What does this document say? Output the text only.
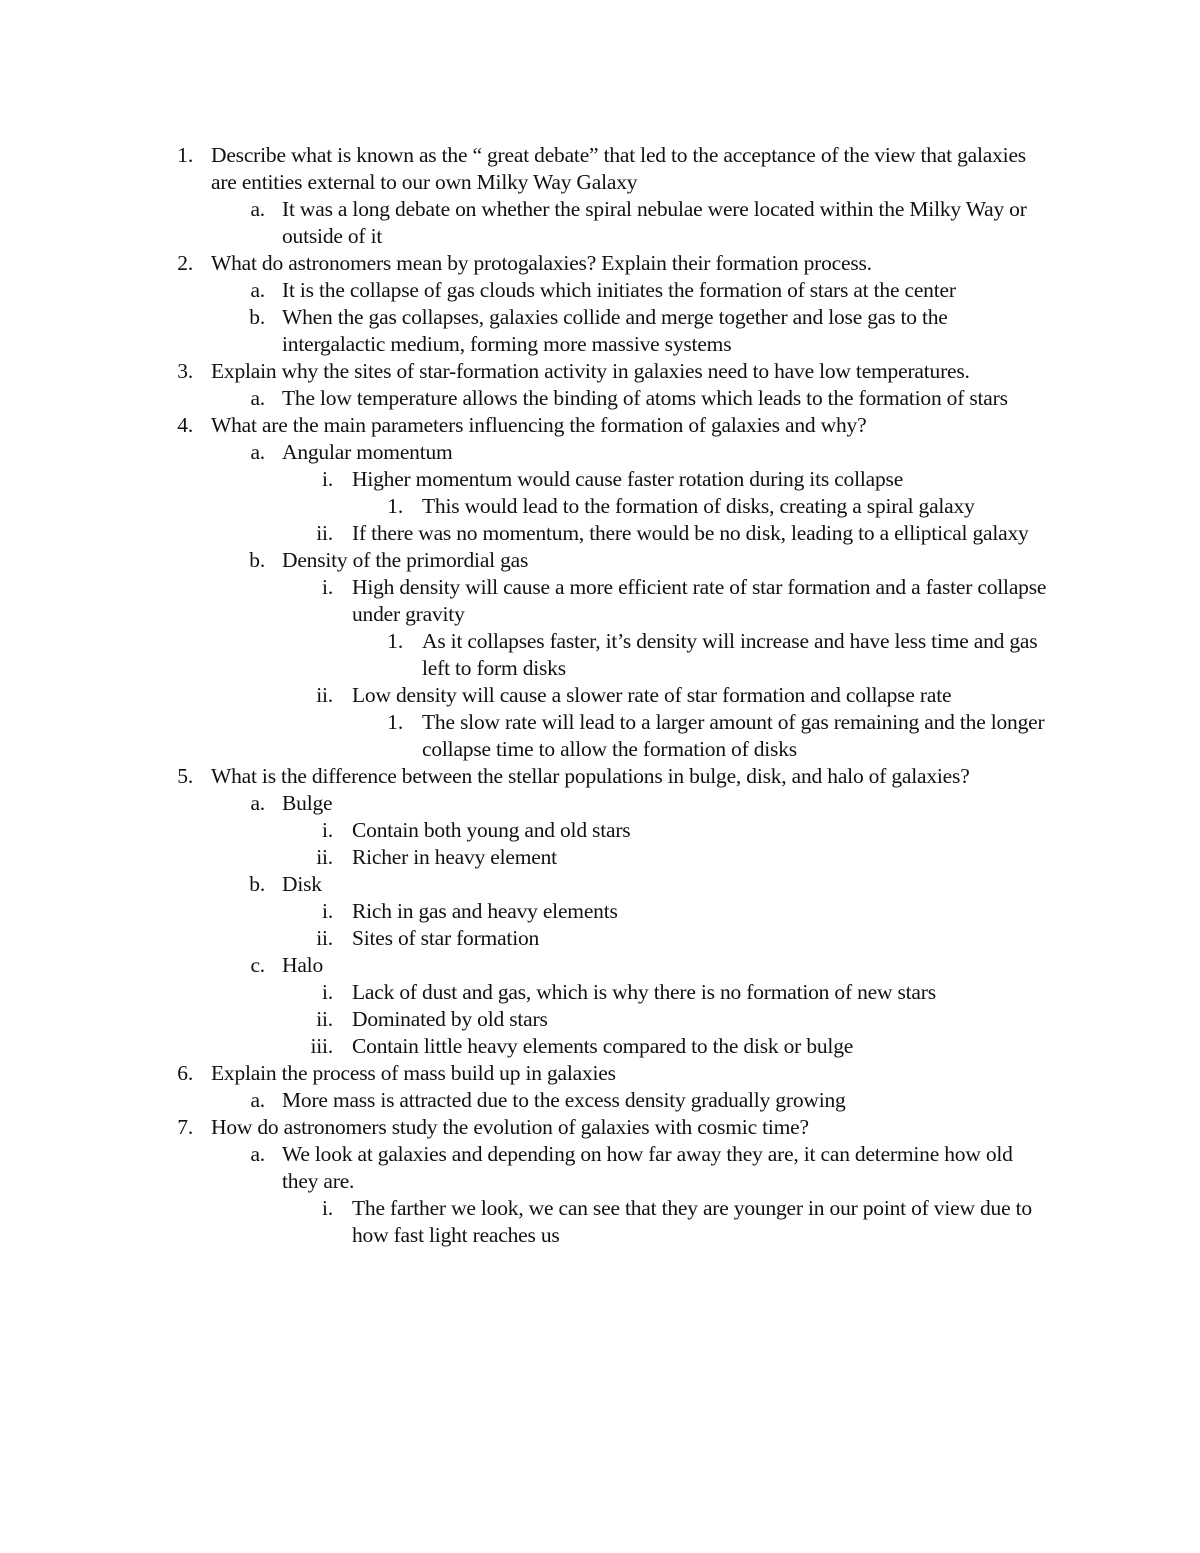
1. Describe what is known as the “ great debate” that led to the acceptance of the view that galaxies are entities external to our own Milky Way Galaxy
a. It was a long debate on whether the spiral nebulae were located within the Milky Way or outside of it
2. What do astronomers mean by protogalaxies? Explain their formation process.
a. It is the collapse of gas clouds which initiates the formation of stars at the center
b. When the gas collapses, galaxies collide and merge together and lose gas to the intergalactic medium, forming more massive systems
3. Explain why the sites of star-formation activity in galaxies need to have low temperatures.
a. The low temperature allows the binding of atoms which leads to the formation of stars
4. What are the main parameters influencing the formation of galaxies and why?
a. Angular momentum
i. Higher momentum would cause faster rotation during its collapse
1. This would lead to the formation of disks, creating a spiral galaxy
ii. If there was no momentum, there would be no disk, leading to a elliptical galaxy
b. Density of the primordial gas
i. High density will cause a more efficient rate of star formation and a faster collapse under gravity
1. As it collapses faster, it’s density will increase and have less time and gas left to form disks
ii. Low density will cause a slower rate of star formation and collapse rate
1. The slow rate will lead to a larger amount of gas remaining and the longer collapse time to allow the formation of disks
5. What is the difference between the stellar populations in bulge, disk, and halo of galaxies?
a. Bulge
i. Contain both young and old stars
ii. Richer in heavy element
b. Disk
i. Rich in gas and heavy elements
ii. Sites of star formation
c. Halo
i. Lack of dust and gas, which is why there is no formation of new stars
ii. Dominated by old stars
iii. Contain little heavy elements compared to the disk or bulge
6. Explain the process of mass build up in galaxies
a. More mass is attracted due to the excess density gradually growing
7. How do astronomers study the evolution of galaxies with cosmic time?
a. We look at galaxies and depending on how far away they are, it can determine how old they are.
i. The farther we look, we can see that they are younger in our point of view due to how fast light reaches us
